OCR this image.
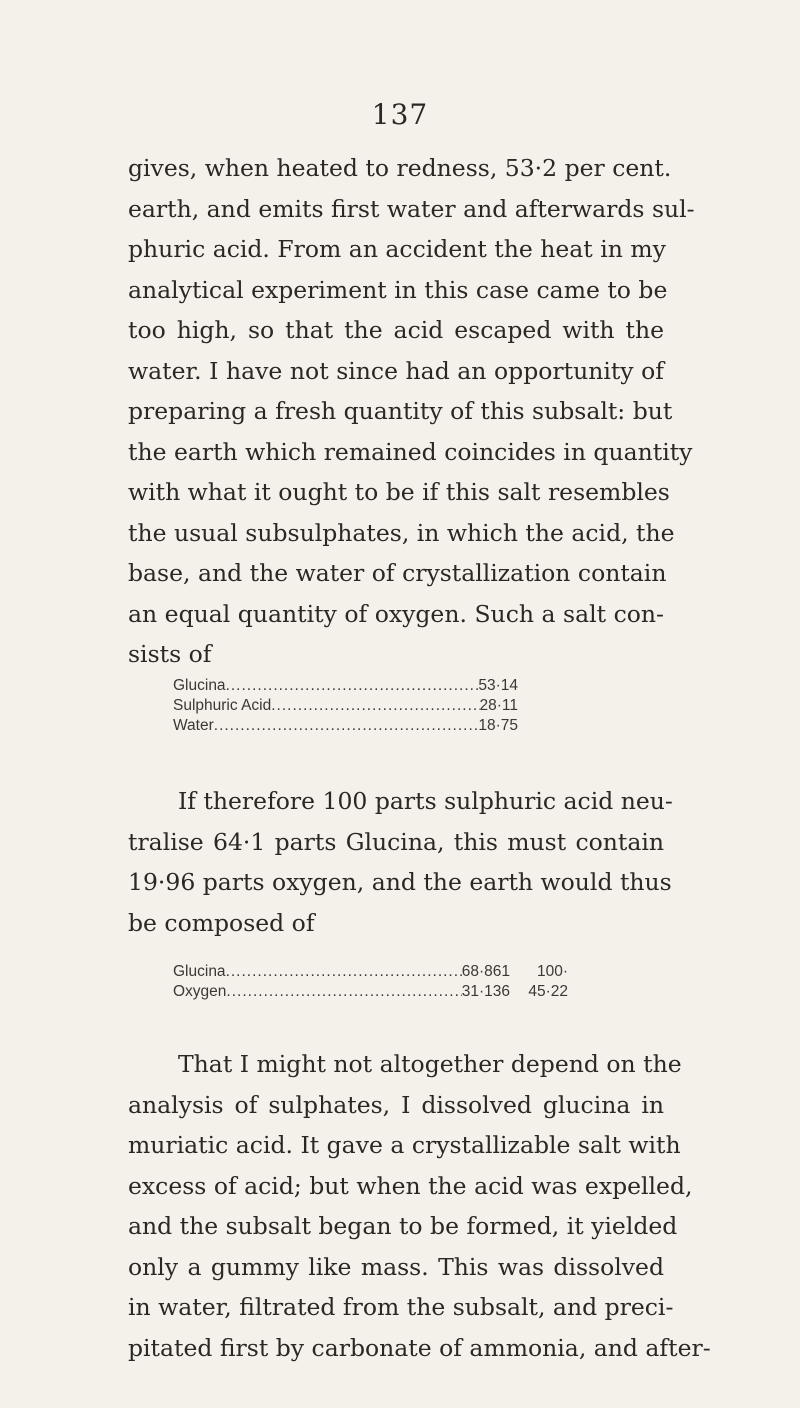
137
gives, when heated to redness, 53·2 per cent.
earth, and emits first water and afterwards sul-
phuric acid. From an accident the heat in my
analytical experiment in this case came to be
too high, so that the acid escaped with the
water. I have not since had an opportunity of
preparing a fresh quantity of this subsalt: but
the earth which remained coincides in quantity
with what it ought to be if this salt resembles
the usual subsulphates, in which the acid, the
base, and the water of crystallization contain
an equal quantity of oxygen. Such a salt con-
sists of
Glucina .....	53·14
Sulphuric Acid .....	28·11
Water .....	18·75
If therefore 100 parts sulphuric acid neu-
tralise 64·1 parts Glucina, this must contain
19·96 parts oxygen, and the earth would thus
be composed of
Glucina .....	68·861	100·
Oxygen .....	31·136	45·22
That I might not altogether depend on the
analysis of sulphates, I dissolved glucina in
muriatic acid. It gave a crystallizable salt with
excess of acid; but when the acid was expelled,
and the subsalt began to be formed, it yielded
only a gummy like mass. This was dissolved
in water, filtrated from the subsalt, and preci-
pitated first by carbonate of ammonia, and after-
